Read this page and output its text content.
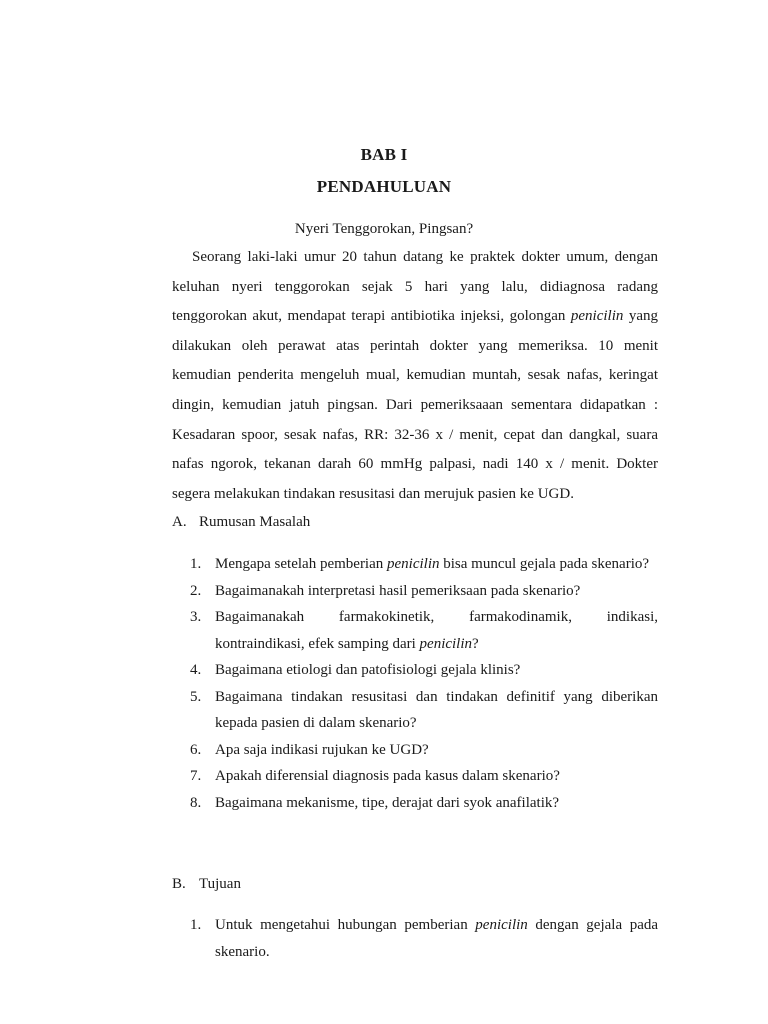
BAB I
PENDAHULUAN
Nyeri Tenggorokan, Pingsan?

Seorang laki-laki umur 20 tahun datang ke praktek dokter umum, dengan keluhan nyeri tenggorokan sejak 5 hari yang lalu, didiagnosa radang tenggorokan akut, mendapat terapi antibiotika injeksi, golongan penicilin yang dilakukan oleh perawat atas perintah dokter yang memeriksa. 10 menit kemudian penderita mengeluh mual, kemudian muntah, sesak nafas, keringat dingin, kemudian jatuh pingsan. Dari pemeriksaaan sementara didapatkan : Kesadaran spoor, sesak nafas, RR: 32-36 x / menit, cepat dan dangkal, suara nafas ngorok, tekanan darah 60 mmHg palpasi, nadi 140 x / menit. Dokter segera melakukan tindakan resusitasi dan merujuk pasien ke UGD.

A. Rumusan Masalah
1. Mengapa setelah pemberian penicilin bisa muncul gejala pada skenario?
2. Bagaimanakah interpretasi hasil pemeriksaan pada skenario?
3. Bagaimanakah farmakokinetik, farmakodinamik, indikasi,
kontraindikasi, efek samping dari penicilin?
4. Bagaimana etiologi dan patofisiologi gejala klinis?
5. Bagaimana tindakan resusitasi dan tindakan definitif yang diberikan kepada pasien di dalam skenario?
6. Apa saja indikasi rujukan ke UGD?
7. Apakah diferensial diagnosis pada kasus dalam skenario?
8. Bagaimana mekanisme, tipe, derajat dari syok anafilatik?
B. Tujuan
1. Untuk mengetahui hubungan pemberian penicilin dengan gejala pada skenario.
